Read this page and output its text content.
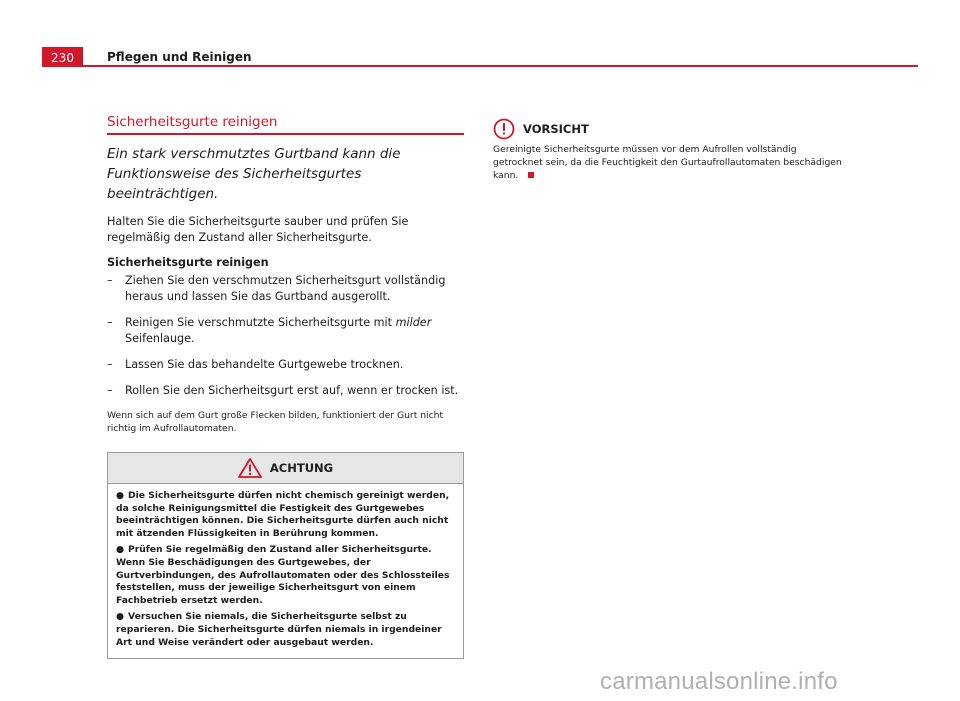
230	Pflegen und Reinigen
Sicherheitsgurte reinigen

Ein stark verschmutztes Gurtband kann die Funktionsweise des Sicherheitsgurtes beeinträchtigen.

Halten Sie die Sicherheitsgurte sauber und prüfen Sie regelmäßig den Zustand aller Sicherheitsgurte.

Sicherheitsgurte reinigen

– Ziehen Sie den verschmutzen Sicherheitsgurt vollständig heraus und lassen Sie das Gurtband ausgerollt.
– Reinigen Sie verschmutzte Sicherheitsgurte mit milder Seifenlauge.
– Lassen Sie das behandelte Gurtgewebe trocknen.
– Rollen Sie den Sicherheitsgurt erst auf, wenn er trocken ist.

Wenn sich auf dem Gurt große Flecken bilden, funktioniert der Gurt nicht richtig im Aufrollautomaten.

ACHTUNG

● Die Sicherheitsgurte dürfen nicht chemisch gereinigt werden, da solche Reinigungsmittel die Festigkeit des Gurtgewebes beeinträchtigen können. Die Sicherheitsgurte dürfen auch nicht mit ätzenden Flüssigkeiten in Berührung kommen.

● Prüfen Sie regelmäßig den Zustand aller Sicherheitsgurte. Wenn Sie Beschädigungen des Gurtgewebes, der Gurtverbindungen, des Aufrollautomaten oder des Schlossteiles feststellen, muss der jeweilige Sicherheitsgurt von einem Fachbetrieb ersetzt werden.

● Versuchen Sie niemals, die Sicherheitsgurte selbst zu reparieren. Die Sicherheitsgurte dürfen niemals in irgendeiner Art und Weise verändert oder ausgebaut werden.

VORSICHT

Gereinigte Sicherheitsgurte müssen vor dem Aufrollen vollständig getrocknet sein, da die Feuchtigkeit den Gurtaufrollautomaten beschädigen kann.

carmanualsonline.info
